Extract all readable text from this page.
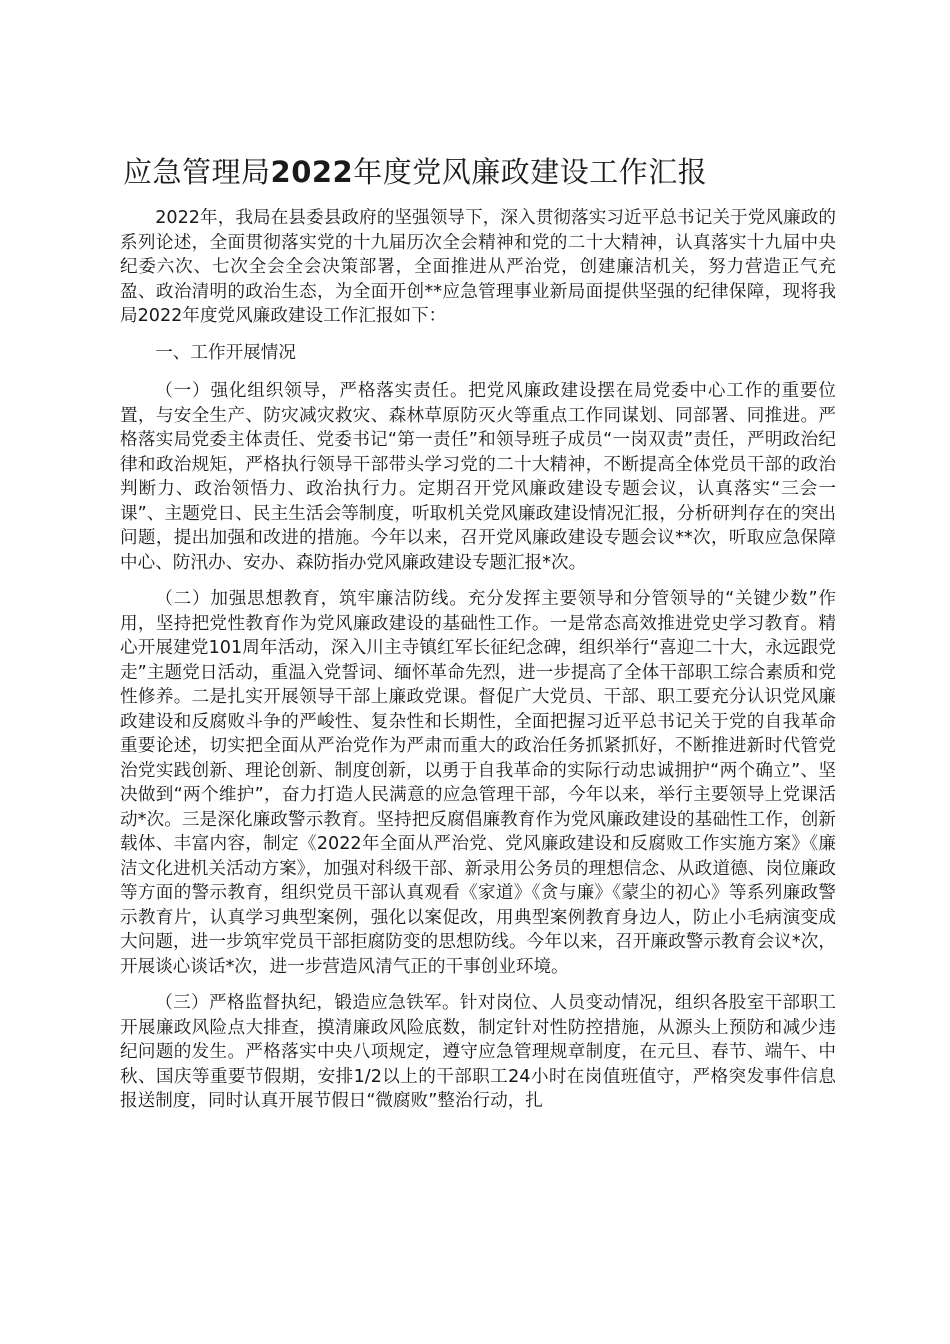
应急管理局2022年度党风廉政建设工作汇报

2022年，我局在县委县政府的坚强领导下，深入贯彻落实习近平总书记关于党风廉政的系列论述，全面贯彻落实党的十九届历次全会精神和党的二十大精神，认真落实十九届中央纪委六次、七次全会全会决策部署，全面推进从严治党，创建廉洁机关，努力营造正气充盈、政治清明的政治生态，为全面开创**应急管理事业新局面提供坚强的纪律保障，现将我局2022年度党风廉政建设工作汇报如下：

一、工作开展情况

（一）强化组织领导，严格落实责任。把党风廉政建设摆在局党委中心工作的重要位置，与安全生产、防灾减灾救灾、森林草原防灭火等重点工作同谋划、同部署、同推进。严格落实局党委主体责任、党委书记“第一责任”和领导班子成员“一岗双责”责任，严明政治纪律和政治规矩，严格执行领导干部带头学习党的二十大精神，不断提高全体党员干部的政治判断力、政治领悟力、政治执行力。定期召开党风廉政建设专题会议，认真落实“三会一课”、主题党日、民主生活会等制度，听取机关党风廉政建设情况汇报，分析研判存在的突出问题，提出加强和改进的措施。今年以来，召开党风廉政建设专题会议**次，听取应急保障中心、防汛办、安办、森防指办党风廉政建设专题汇报*次。

（二）加强思想教育，筑牢廉洁防线。充分发挥主要领导和分管领导的“关键少数”作用，坚持把党性教育作为党风廉政建设的基础性工作。一是常态高效推进党史学习教育。精心开展建党101周年活动，深入川主寺镇红军长征纪念碑，组织举行“喜迎二十大，永远跟党走”主题党日活动，重温入党誓词、缅怀革命先烈，进一步提高了全体干部职工综合素质和党性修养。二是扎实开展领导干部上廉政党课。督促广大党员、干部、职工要充分认识党风廉政建设和反腐败斗争的严峻性、复杂性和长期性，全面把握习近平总书记关于党的自我革命重要论述，切实把全面从严治党作为严肃而重大的政治任务抓紧抓好，不断推进新时代管党治党实践创新、理论创新、制度创新，以勇于自我革命的实际行动忠诚拥护“两个确立”、坚决做到“两个维护”，奋力打造人民满意的应急管理干部，今年以来，举行主要领导上党课活动*次。三是深化廉政警示教育。坚持把反腐倡廉教育作为党风廉政建设的基础性工作，创新载体、丰富内容，制定《2022年全面从严治党、党风廉政建设和反腐败工作实施方案》《廉洁文化进机关活动方案》，加强对科级干部、新录用公务员的理想信念、从政道德、岗位廉政等方面的警示教育，组织党员干部认真观看《家道》《贪与廉》《蒙尘的初心》等系列廉政警示教育片，认真学习典型案例，强化以案促改，用典型案例教育身边人，防止小毛病演变成大问题，进一步筑牢党员干部拒腐防变的思想防线。今年以来，召开廉政警示教育会议*次，开展谈心谈话*次，进一步营造风清气正的干事创业环境。

（三）严格监督执纪，锻造应急铁军。针对岗位、人员变动情况，组织各股室干部职工开展廉政风险点大排查，摸清廉政风险底数，制定针对性防控措施，从源头上预防和减少违纪问题的发生。严格落实中央八项规定，遵守应急管理规章制度，在元旦、春节、端午、中秋、国庆等重要节假期，安排1/2以上的干部职工24小时在岗值班值守，严格突发事件信息报送制度，同时认真开展节假日“微腐败”整治行动，扎
